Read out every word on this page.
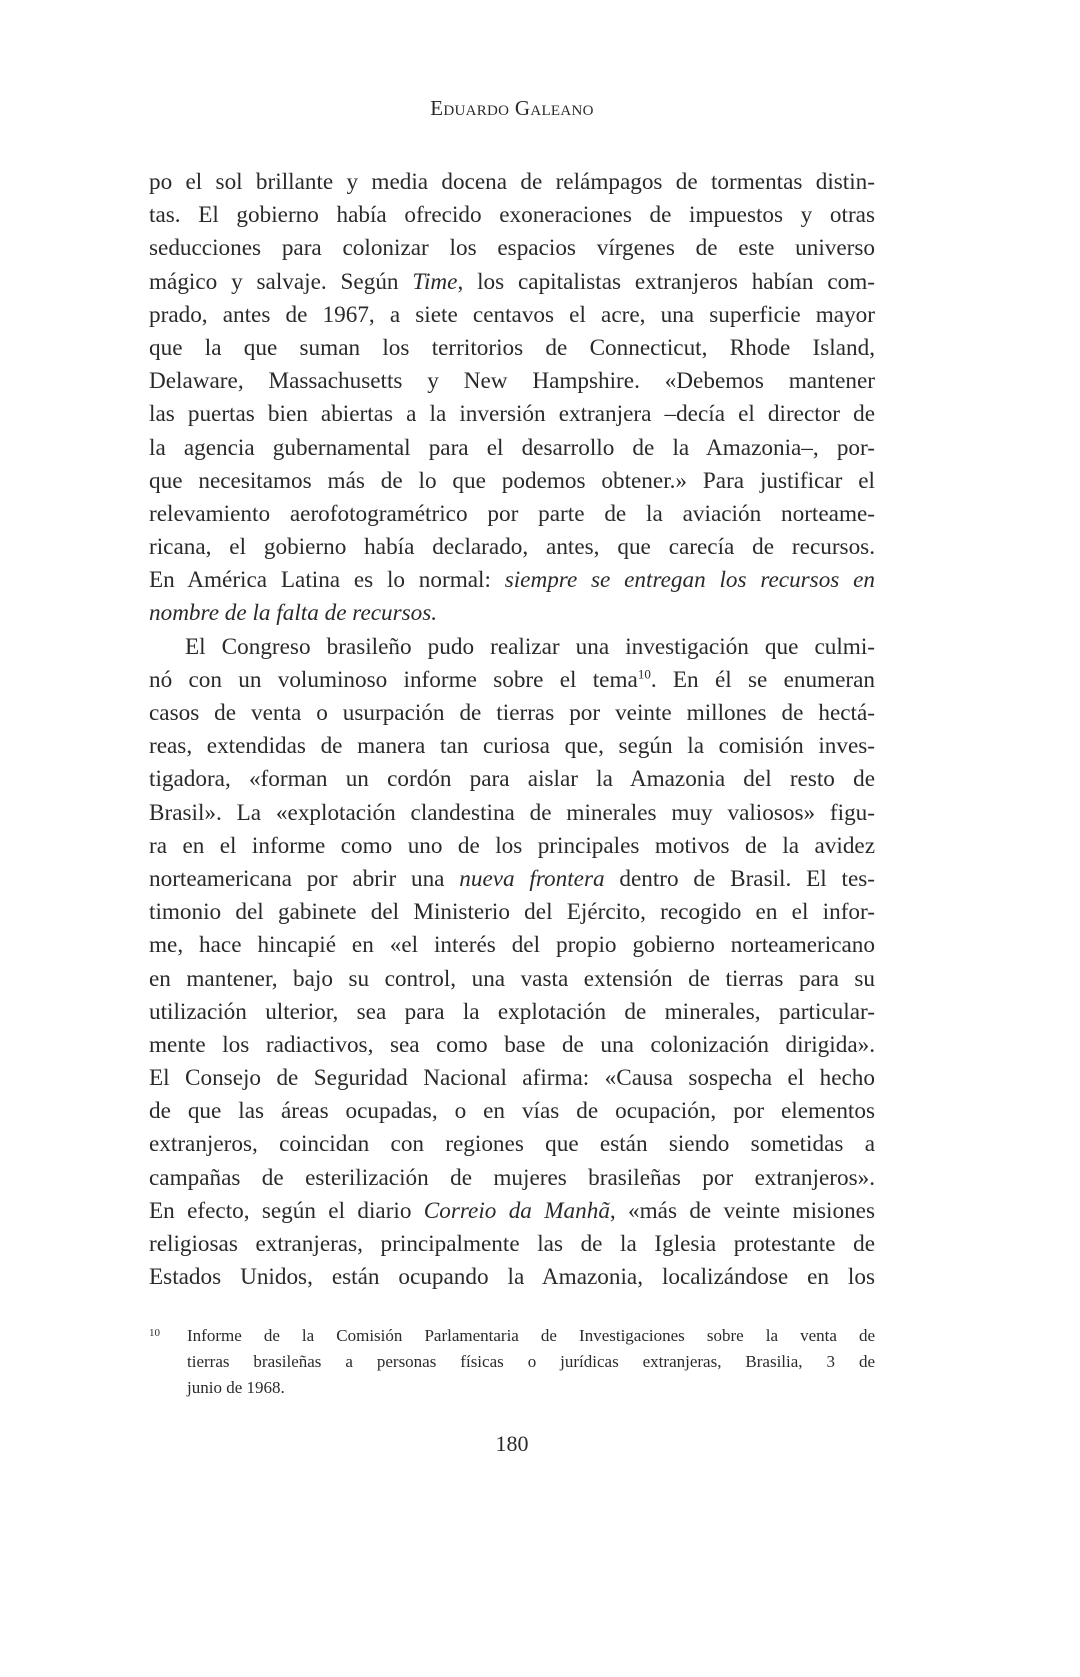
Eduardo Galeano
po el sol brillante y media docena de relámpagos de tormentas distin-
tas. El gobierno había ofrecido exoneraciones de impuestos y otras
seducciones para colonizar los espacios vírgenes de este universo
mágico y salvaje. Según Time, los capitalistas extranjeros habían com-
prado, antes de 1967, a siete centavos el acre, una superficie mayor
que la que suman los territorios de Connecticut, Rhode Island,
Delaware, Massachusetts y New Hampshire. «Debemos mantener
las puertas bien abiertas a la inversión extranjera –decía el director de
la agencia gubernamental para el desarrollo de la Amazonia–, por-
que necesitamos más de lo que podemos obtener.» Para justificar el
relevamiento aerofotogramétrico por parte de la aviación norteame-
ricana, el gobierno había declarado, antes, que carecía de recursos.
En América Latina es lo normal: siempre se entregan los recursos en
nombre de la falta de recursos.
El Congreso brasileño pudo realizar una investigación que culmi-
nó con un voluminoso informe sobre el tema$^{10}$. En él se enumeran
casos de venta o usurpación de tierras por veinte millones de hectá-
reas, extendidas de manera tan curiosa que, según la comisión inves-
tigadora, «forman un cordón para aislar la Amazonia del resto de
Brasil». La «explotación clandestina de minerales muy valiosos» figu-
ra en el informe como uno de los principales motivos de la avidez
norteamericana por abrir una nueva frontera dentro de Brasil. El tes-
timonio del gabinete del Ministerio del Ejército, recogido en el infor-
me, hace hincapié en «el interés del propio gobierno norteamericano
en mantener, bajo su control, una vasta extensión de tierras para su
utilización ulterior, sea para la explotación de minerales, particular-
mente los radiactivos, sea como base de una colonización dirigida».
El Consejo de Seguridad Nacional afirma: «Causa sospecha el hecho
de que las áreas ocupadas, o en vías de ocupación, por elementos
extranjeros, coincidan con regiones que están siendo sometidas a
campañas de esterilización de mujeres brasileñas por extranjeros».
En efecto, según el diario Correio da Manhã, «más de veinte misiones
religiosas extranjeras, principalmente las de la Iglesia protestante de
Estados Unidos, están ocupando la Amazonia, localizándose en los
10 Informe de la Comisión Parlamentaria de Investigaciones sobre la venta de
tierras brasileñas a personas físicas o jurídicas extranjeras, Brasilia, 3 de
junio de 1968.
180
